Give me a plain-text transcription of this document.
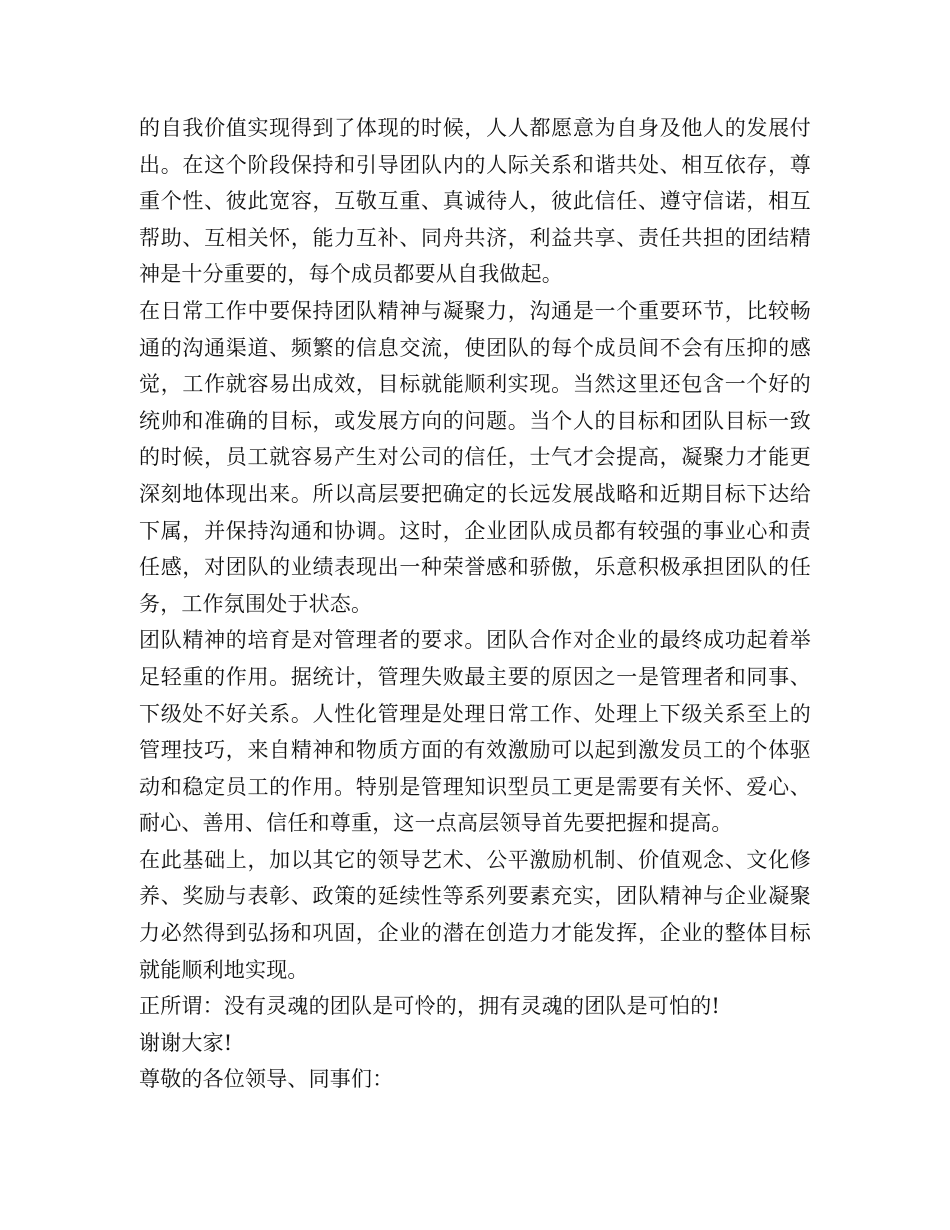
的自我价值实现得到了体现的时候，人人都愿意为自身及他人的发展付出。在这个阶段保持和引导团队内的人际关系和谐共处、相互依存，尊重个性、彼此宽容，互敬互重、真诚待人，彼此信任、遵守信诺，相互帮助、互相关怀，能力互补、同舟共济，利益共享、责任共担的团结精神是十分重要的，每个成员都要从自我做起。

在日常工作中要保持团队精神与凝聚力，沟通是一个重要环节，比较畅通的沟通渠道、频繁的信息交流，使团队的每个成员间不会有压抑的感觉，工作就容易出成效，目标就能顺利实现。当然这里还包含一个好的统帅和准确的目标，或发展方向的问题。当个人的目标和团队目标一致的时候，员工就容易产生对公司的信任，士气才会提高，凝聚力才能更深刻地体现出来。所以高层要把确定的长远发展战略和近期目标下达给下属，并保持沟通和协调。这时，企业团队成员都有较强的事业心和责任感，对团队的业绩表现出一种荣誉感和骄傲，乐意积极承担团队的任务，工作氛围处于状态。

团队精神的培育是对管理者的要求。团队合作对企业的最终成功起着举足轻重的作用。据统计，管理失败最主要的原因之一是管理者和同事、下级处不好关系。人性化管理是处理日常工作、处理上下级关系至上的管理技巧，来自精神和物质方面的有效激励可以起到激发员工的个体驱动和稳定员工的作用。特别是管理知识型员工更是需要有关怀、爱心、耐心、善用、信任和尊重，这一点高层领导首先要把握和提高。

在此基础上，加以其它的领导艺术、公平激励机制、价值观念、文化修养、奖励与表彰、政策的延续性等系列要素充实，团队精神与企业凝聚力必然得到弘扬和巩固，企业的潜在创造力才能发挥，企业的整体目标就能顺利地实现。

正所谓：没有灵魂的团队是可怜的，拥有灵魂的团队是可怕的!

谢谢大家!

尊敬的各位领导、同事们：
